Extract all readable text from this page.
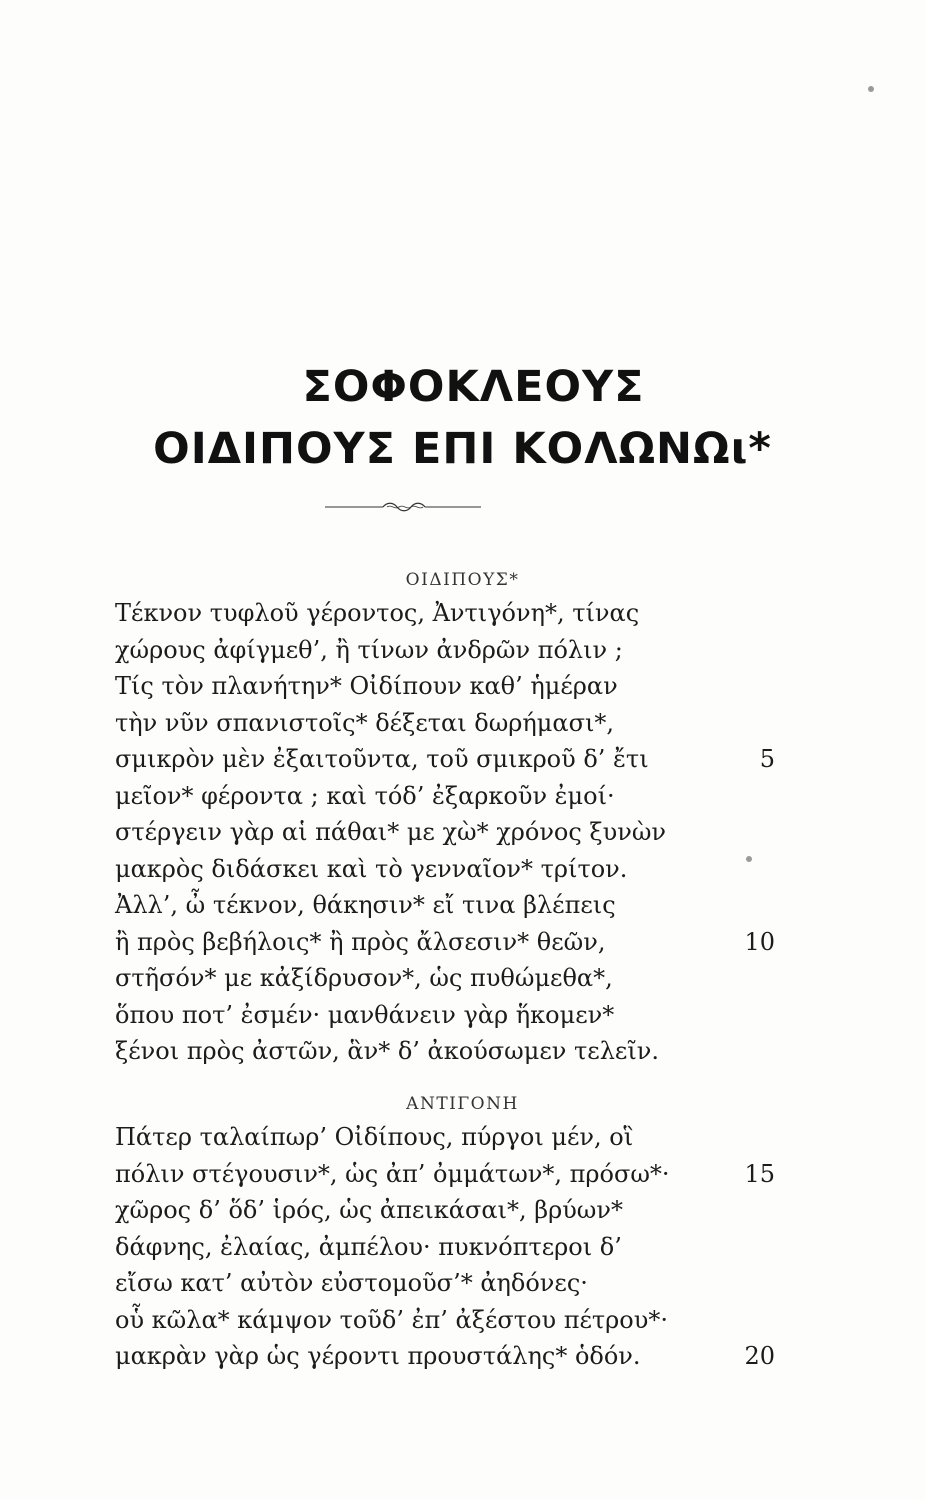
ΣΟΦΟΚΛΕΟΥΣ
ΟΙΔΙΠΟΥΣ ΕΠΙ ΚΟΛΩΝΩι*
ΟΙΔΙΠΟΥΣ*
Τέκνον τυφλοῦ γέροντος, Ἀντιγόνη*, τίνας
χώρους ἀφίγμεθ’, ἢ τίνων ἀνδρῶν πόλιν ;
Τίς τὸν πλανήτην* Οἰδίπουν καθ’ ἡμέραν
τὴν νῦν σπανιστοῖς* δέξεται δωρήμασι*,
σμικρὸν μὲν ἐξαιτοῦντα, τοῦ σμικροῦ δ’ ἔτι	5
μεῖον* φέροντα ; καὶ τόδ’ ἐξαρκοῦν ἐμοί·
στέργειν γὰρ αἱ πάθαι* με χὼ* χρόνος ξυνὼν
μακρὸς διδάσκει καὶ τὸ γενναῖον* τρίτον.
Ἀλλ’, ὦ τέκνον, θάκησιν* εἴ τινα βλέπεις
ἢ πρὸς βεβήλοις* ἢ πρὸς ἄλσεσιν* θεῶν,	10
στῆσόν* με κἀξίδρυσον*, ὡς πυθώμεθα*,
ὅπου ποτ’ ἐσμέν· μανθάνειν γὰρ ἥκομεν*
ξένοι πρὸς ἀστῶν, ἃν* δ’ ἀκούσωμεν τελεῖν.
ΑΝΤΙΓΟΝΗ
Πάτερ ταλαίπωρ’ Οἰδίπους, πύργοι μέν, οἳ
πόλιν στέγουσιν*, ὡς ἀπ’ ὀμμάτων*, πρόσω*·	15
χῶρος δ’ ὅδ’ ἱρός, ὡς ἀπεικάσαι*, βρύων*
δάφνης, ἐλαίας, ἀμπέλου· πυκνόπτεροι δ’
εἴσω κατ’ αὐτὸν εὐστομοῦσ’* ἀηδόνες·
οὗ κῶλα* κάμψον τοῦδ’ ἐπ’ ἀξέστου πέτρου*·
μακρὰν γὰρ ὡς γέροντι προυστάλης* ὁδόν.	20
